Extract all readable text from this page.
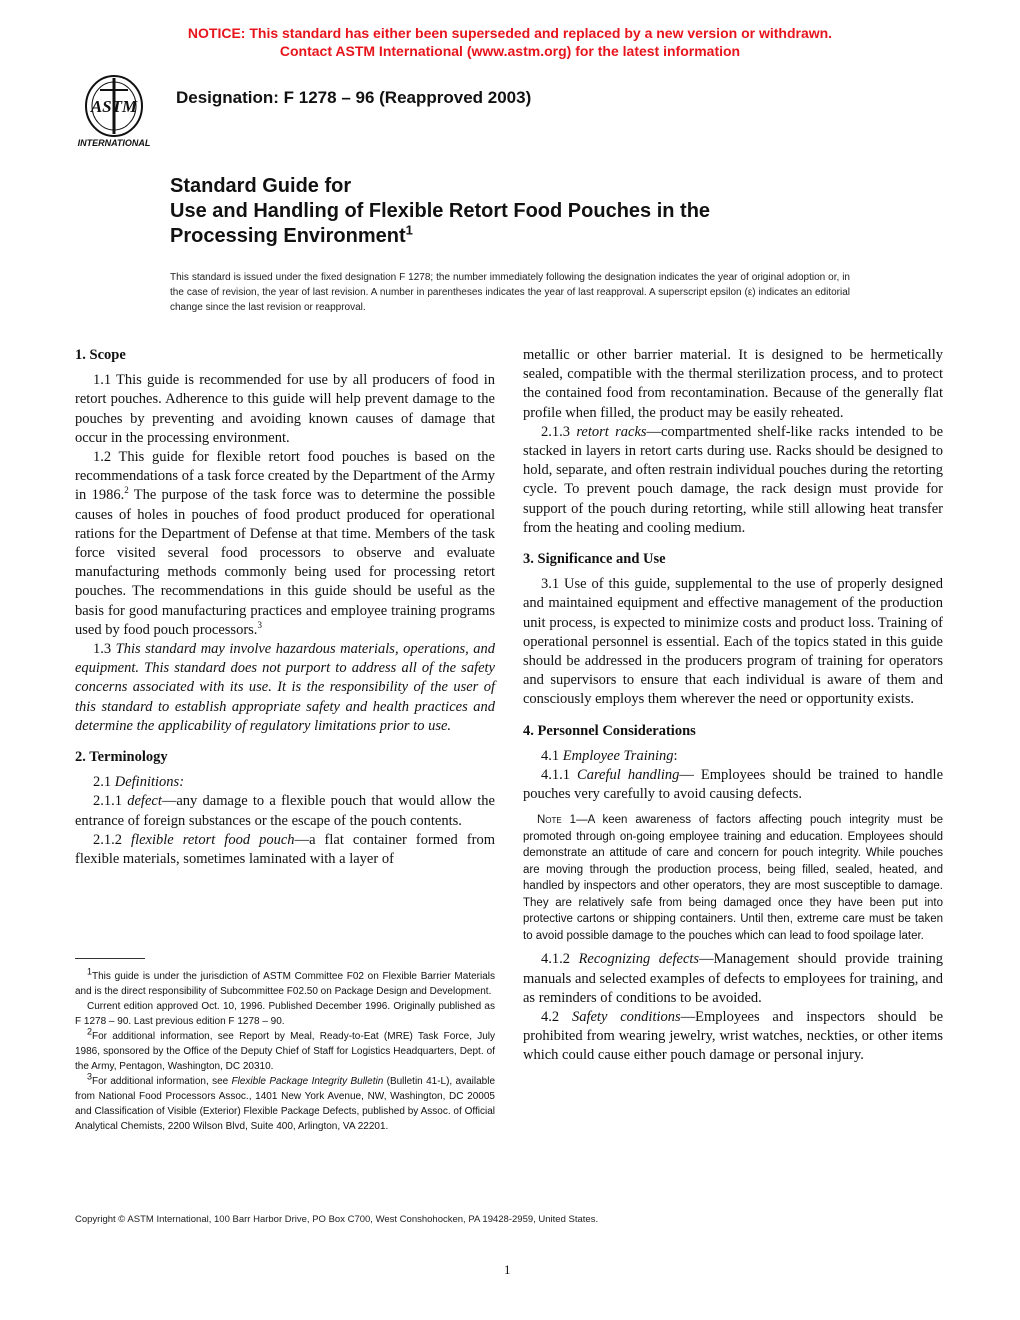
NOTICE: This standard has either been superseded and replaced by a new version or withdrawn.
Contact ASTM International (www.astm.org) for the latest information
ASTM
INTERNATIONAL
Designation: F 1278 – 96 (Reapproved 2003)
Standard Guide for
Use and Handling of Flexible Retort Food Pouches in the
Processing Environment$^1$
This standard is issued under the fixed designation F 1278; the number immediately following the designation indicates the year of original adoption or, in the case of revision, the year of last revision. A number in parentheses indicates the year of last reapproval. A superscript epsilon (ε) indicates an editorial change since the last revision or reapproval.
1. Scope

1.1 This guide is recommended for use by all producers of food in retort pouches. Adherence to this guide will help prevent damage to the pouches by preventing and avoiding known causes of damage that occur in the processing environment.

1.2 This guide for flexible retort food pouches is based on the recommendations of a task force created by the Department of the Army in 1986.$^2$ The purpose of the task force was to determine the possible causes of holes in pouches of food product produced for operational rations for the Department of Defense at that time. Members of the task force visited several food processors to observe and evaluate manufacturing methods commonly being used for processing retort pouches. The recommendations in this guide should be useful as the basis for good manufacturing practices and employee training programs used by food pouch processors.$^3$

1.3 This standard may involve hazardous materials, operations, and equipment. This standard does not purport to address all of the safety concerns associated with its use. It is the responsibility of the user of this standard to establish appropriate safety and health practices and determine the applicability of regulatory limitations prior to use.

2. Terminology

2.1 Definitions:

2.1.1 defect—any damage to a flexible pouch that would allow the entrance of foreign substances or the escape of the pouch contents.

2.1.2 flexible retort food pouch—a flat container formed from flexible materials, sometimes laminated with a layer of

$^1$This guide is under the jurisdiction of ASTM Committee F02 on Flexible Barrier Materials and is the direct responsibility of Subcommittee F02.50 on Package Design and Development.

Current edition approved Oct. 10, 1996. Published December 1996. Originally published as F 1278 – 90. Last previous edition F 1278 – 90.

$^2$For additional information, see Report by Meal, Ready-to-Eat (MRE) Task Force, July 1986, sponsored by the Office of the Deputy Chief of Staff for Logistics Headquarters, Dept. of the Army, Pentagon, Washington, DC 20310.

$^3$For additional information, see Flexible Package Integrity Bulletin (Bulletin 41-L), available from National Food Processors Assoc., 1401 New York Avenue, NW, Washington, DC 20005 and Classification of Visible (Exterior) Flexible Package Defects, published by Assoc. of Official Analytical Chemists, 2200 Wilson Blvd, Suite 400, Arlington, VA 22201.

metallic or other barrier material. It is designed to be hermetically sealed, compatible with the thermal sterilization process, and to protect the contained food from recontamination. Because of the generally flat profile when filled, the product may be easily reheated.

2.1.3 retort racks—compartmented shelf-like racks intended to be stacked in layers in retort carts during use. Racks should be designed to hold, separate, and often restrain individual pouches during the retorting cycle. To prevent pouch damage, the rack design must provide for support of the pouch during retorting, while still allowing heat transfer from the heating and cooling medium.

3. Significance and Use

3.1 Use of this guide, supplemental to the use of properly designed and maintained equipment and effective management of the production unit process, is expected to minimize costs and product loss. Training of operational personnel is essential. Each of the topics stated in this guide should be addressed in the producers program of training for operators and supervisors to ensure that each individual is aware of them and consciously employs them wherever the need or opportunity exists.

4. Personnel Considerations

4.1 Employee Training:

4.1.1 Careful handling— Employees should be trained to handle pouches very carefully to avoid causing defects.

Note 1—A keen awareness of factors affecting pouch integrity must be promoted through on-going employee training and education. Employees should demonstrate an attitude of care and concern for pouch integrity. While pouches are moving through the production process, being filled, sealed, heated, and handled by inspectors and other operators, they are most susceptible to damage. They are relatively safe from being damaged once they have been put into protective cartons or shipping containers. Until then, extreme care must be taken to avoid possible damage to the pouches which can lead to food spoilage later.

4.1.2 Recognizing defects—Management should provide training manuals and selected examples of defects to employees for training, and as reminders of conditions to be avoided.

4.2 Safety conditions—Employees and inspectors should be prohibited from wearing jewelry, wrist watches, neckties, or other items which could cause either pouch damage or personal injury.

Copyright © ASTM International, 100 Barr Harbor Drive, PO Box C700, West Conshohocken, PA 19428-2959, United States.
1
